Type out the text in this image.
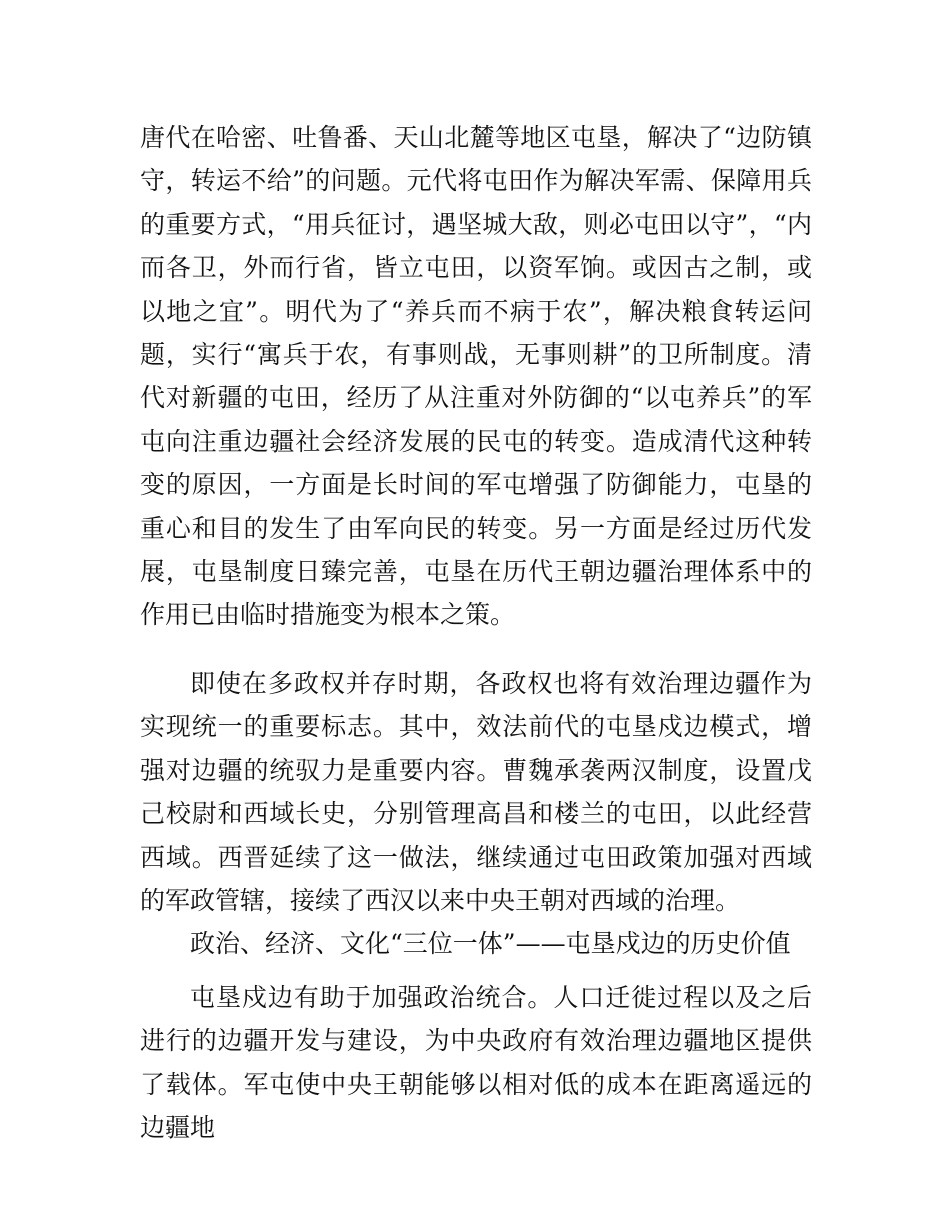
唐代在哈密、吐鲁番、天山北麓等地区屯垦，解决了“边防镇守，转运不给”的问题。元代将屯田作为解决军需、保障用兵的重要方式，“用兵征讨，遇坚城大敌，则必屯田以守”，“内而各卫，外而行省，皆立屯田，以资军饷。或因古之制，或以地之宜”。明代为了“养兵而不病于农”，解决粮食转运问题，实行“寓兵于农，有事则战，无事则耕”的卫所制度。清代对新疆的屯田，经历了从注重对外防御的“以屯养兵”的军屯向注重边疆社会经济发展的民屯的转变。造成清代这种转变的原因，一方面是长时间的军屯增强了防御能力，屯垦的重心和目的发生了由军向民的转变。另一方面是经过历代发展，屯垦制度日臻完善，屯垦在历代王朝边疆治理体系中的作用已由临时措施变为根本之策。

即使在多政权并存时期，各政权也将有效治理边疆作为实现统一的重要标志。其中，效法前代的屯垦戍边模式，增强对边疆的统驭力是重要内容。曹魏承袭两汉制度，设置戊己校尉和西域长史，分别管理高昌和楼兰的屯田，以此经营西域。西晋延续了这一做法，继续通过屯田政策加强对西域的军政管辖，接续了西汉以来中央王朝对西域的治理。

政治、经济、文化“三位一体”——屯垦戍边的历史价值

屯垦戍边有助于加强政治统合。人口迁徙过程以及之后进行的边疆开发与建设，为中央政府有效治理边疆地区提供了载体。军屯使中央王朝能够以相对低的成本在距离遥远的边疆地
